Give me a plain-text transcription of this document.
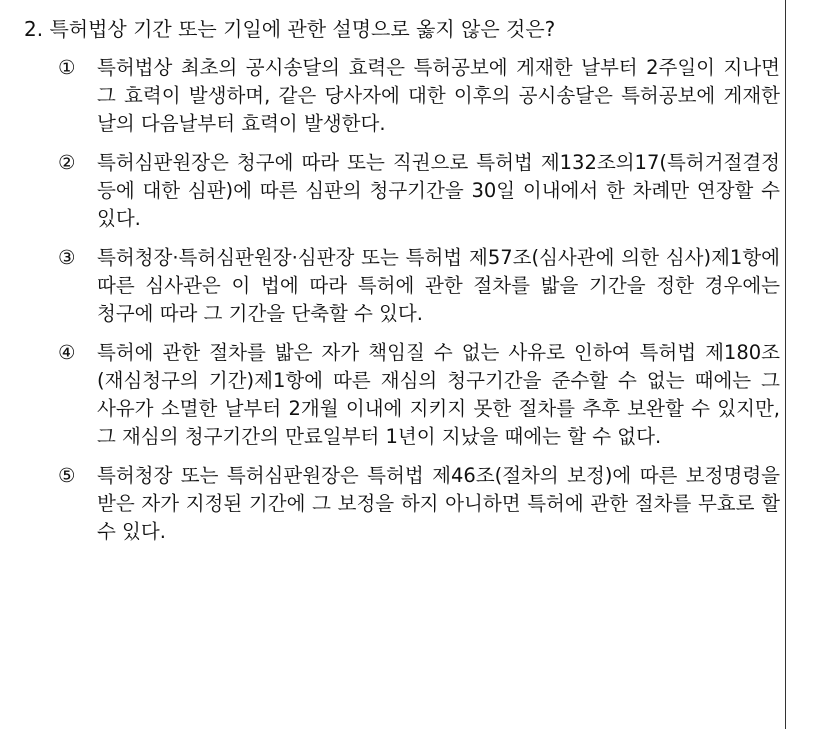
2. 특허법상 기간 또는 기일에 관한 설명으로 옳지 않은 것은?
①	특허법상 최초의 공시송달의 효력은 특허공보에 게재한 날부터 2주일이 지나면 그 효력이 발생하며, 같은 당사자에 대한 이후의 공시송달은 특허공보에 게재한 날의 다음날부터 효력이 발생한다.
②	특허심판원장은 청구에 따라 또는 직권으로 특허법 제132조의17(특허거절결정 등에 대한 심판)에 따른 심판의 청구기간을 30일 이내에서 한 차례만 연장할 수 있다.
③	특허청장·특허심판원장·심판장 또는 특허법 제57조(심사관에 의한 심사)제1항에 따른 심사관은 이 법에 따라 특허에 관한 절차를 밟을 기간을 정한 경우에는 청구에 따라 그 기간을 단축할 수 있다.
④	특허에 관한 절차를 밟은 자가 책임질 수 없는 사유로 인하여 특허법 제180조(재심청구의 기간)제1항에 따른 재심의 청구기간을 준수할 수 없는 때에는 그 사유가 소멸한 날부터 2개월 이내에 지키지 못한 절차를 추후 보완할 수 있지만, 그 재심의 청구기간의 만료일부터 1년이 지났을 때에는 할 수 없다.
⑤	특허청장 또는 특허심판원장은 특허법 제46조(절차의 보정)에 따른 보정명령을 받은 자가 지정된 기간에 그 보정을 하지 아니하면 특허에 관한 절차를 무효로 할 수 있다.
